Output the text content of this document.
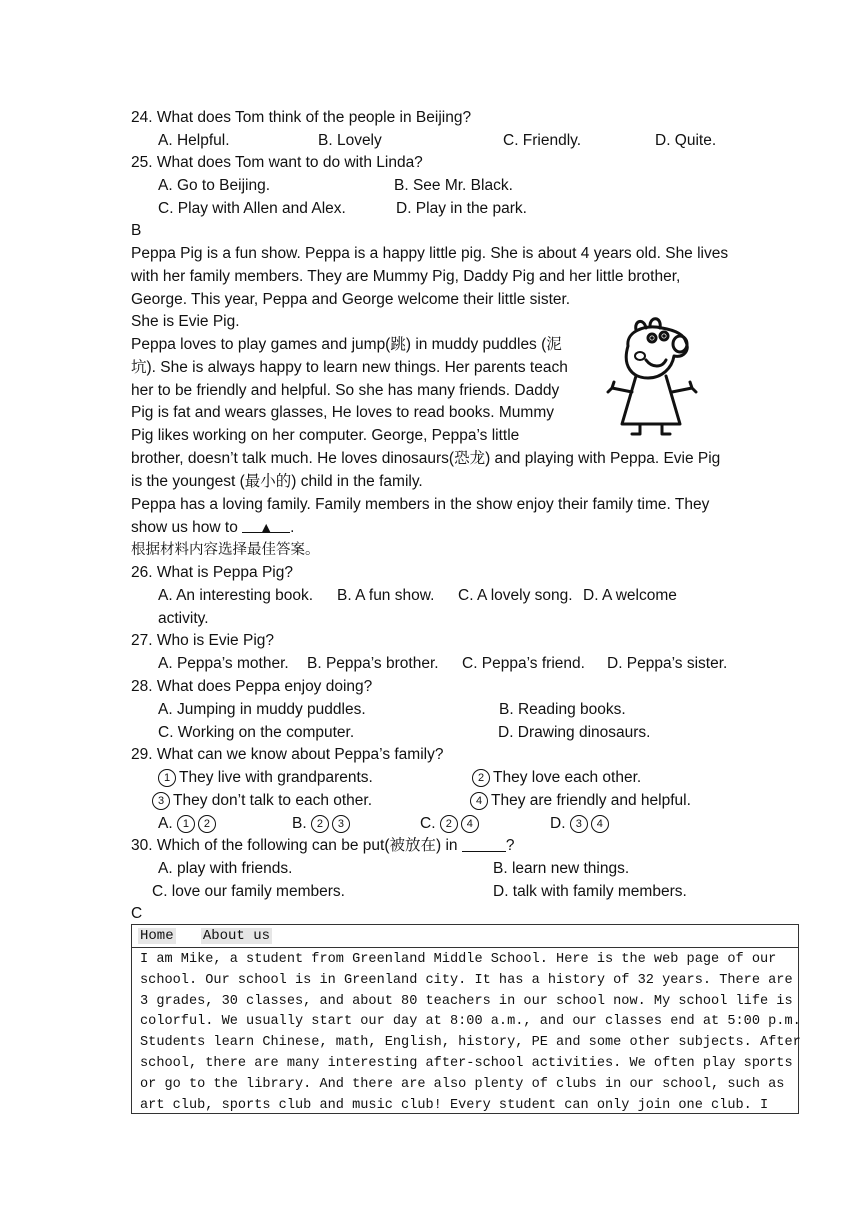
24. What does Tom think of the people in Beijing?
A. Helpful.	B. Lovely	C. Friendly.	D. Quite.
25. What does Tom want to do with Linda?
A. Go to Beijing.	B. See Mr. Black.
C. Play with Allen and Alex.	D. Play in the park.
B
Peppa Pig is a fun show. Peppa is a happy little pig. She is about 4 years old. She lives
with her family members. They are Mummy Pig, Daddy Pig and her little brother,
George. This year, Peppa and George welcome their little sister.
She is Evie Pig.
Peppa loves to play games and jump(跳) in muddy puddles (泥
坑). She is always happy to learn new things. Her parents teach
her to be friendly and helpful. So she has many friends. Daddy
Pig is fat and wears glasses, He loves to read books. Mummy
Pig likes working on her computer. George, Peppa’s little
brother, doesn’t talk much. He loves dinosaurs(恐龙) and playing with Peppa. Evie Pig
is the youngest (最小的) child in the family.
Peppa has a loving family. Family members in the show enjoy their family time. They
show us how to ▲ .
根据材料内容选择最佳答案。
26. What is Peppa Pig?
A. An interesting book. B. A fun show. C. A lovely song. D. A welcome
activity.
27. Who is Evie Pig?
A. Peppa’s mother. B. Peppa’s brother. C. Peppa’s friend. D. Peppa’s sister.
28. What does Peppa enjoy doing?
A. Jumping in muddy puddles.	B. Reading books.
C. Working on the computer.	D. Drawing dinosaurs.
29. What can we know about Peppa’s family?
1 They live with grandparents.	2 They love each other.
3 They don’t talk to each other.	4 They are friendly and helpful.
A. 1 2	B. 2 3	C. 2 4	D. 3 4
30. Which of the following can be put(被放在) in	?
A. play with friends.	B. learn new things.
C. love our family members.	D. talk with family members.
C
Home About us
I am Mike, a student from Greenland Middle School. Here is the web page of our
school. Our school is in Greenland city. It has a history of 32 years. There are
3 grades, 30 classes, and about 80 teachers in our school now. My school life is
colorful. We usually start our day at 8:00 a.m., and our classes end at 5:00 p.m.
Students learn Chinese, math, English, history, PE and some other subjects. After
school, there are many interesting after-school activities. We often play sports
or go to the library. And there are also plenty of clubs in our school, such as
art club, sports club and music club! Every student can only join one club. I
